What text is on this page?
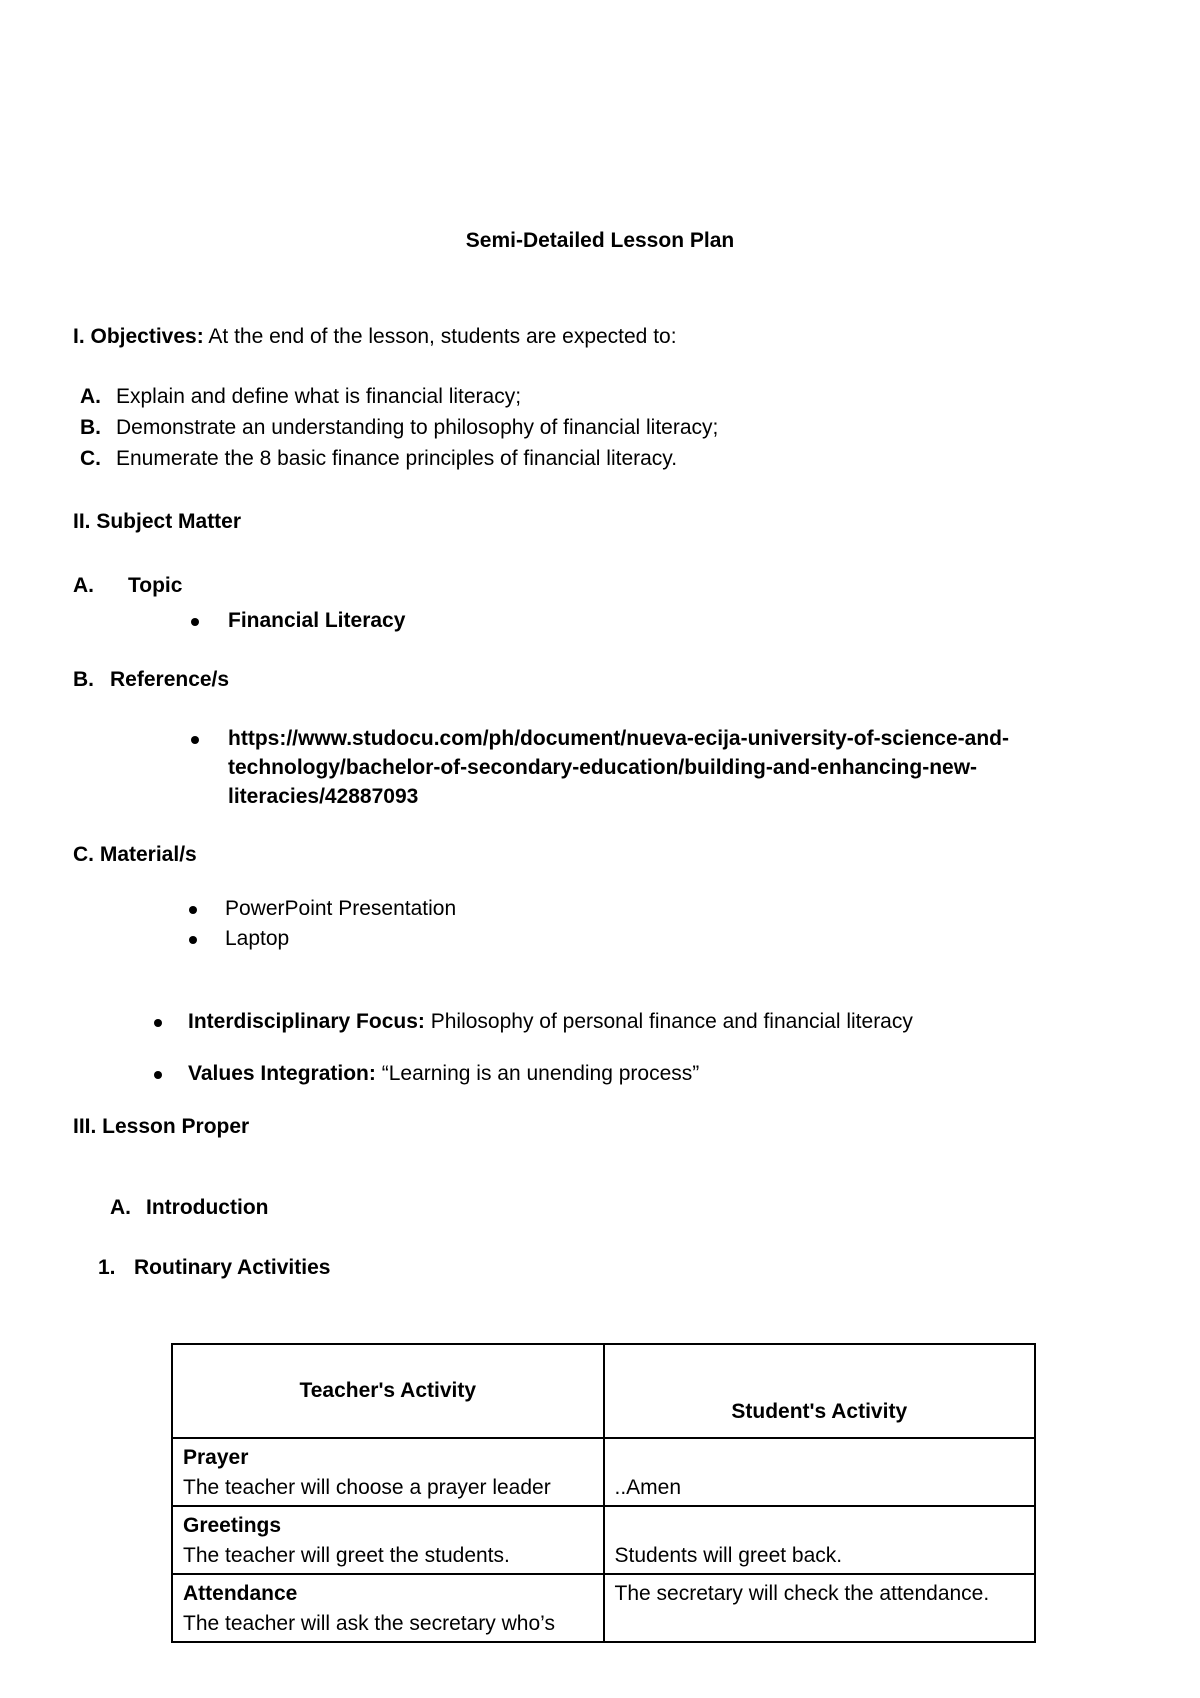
Semi-Detailed Lesson Plan
I. Objectives: At the end of the lesson, students are expected to:
A. Explain and define what is financial literacy;
B. Demonstrate an understanding to philosophy of financial literacy;
C. Enumerate the 8 basic finance principles of financial literacy.
II. Subject Matter
A. Topic
Financial Literacy
B. Reference/s
https://www.studocu.com/ph/document/nueva-ecija-university-of-science-and-
technology/bachelor-of-secondary-education/building-and-enhancing-new-
literacies/42887093
C. Material/s
PowerPoint Presentation
Laptop
Interdisciplinary Focus: Philosophy of personal finance and financial literacy
Values Integration: “Learning is an unending process”
III. Lesson Proper
A. Introduction
1. Routinary Activities
Teacher's Activity	Student's Activity

Prayer
The teacher will choose a prayer leader	..Amen

Greetings
The teacher will greet the students.	Students will greet back.

Attendance
The teacher will ask the secretary who’s	The secretary will check the attendance.
